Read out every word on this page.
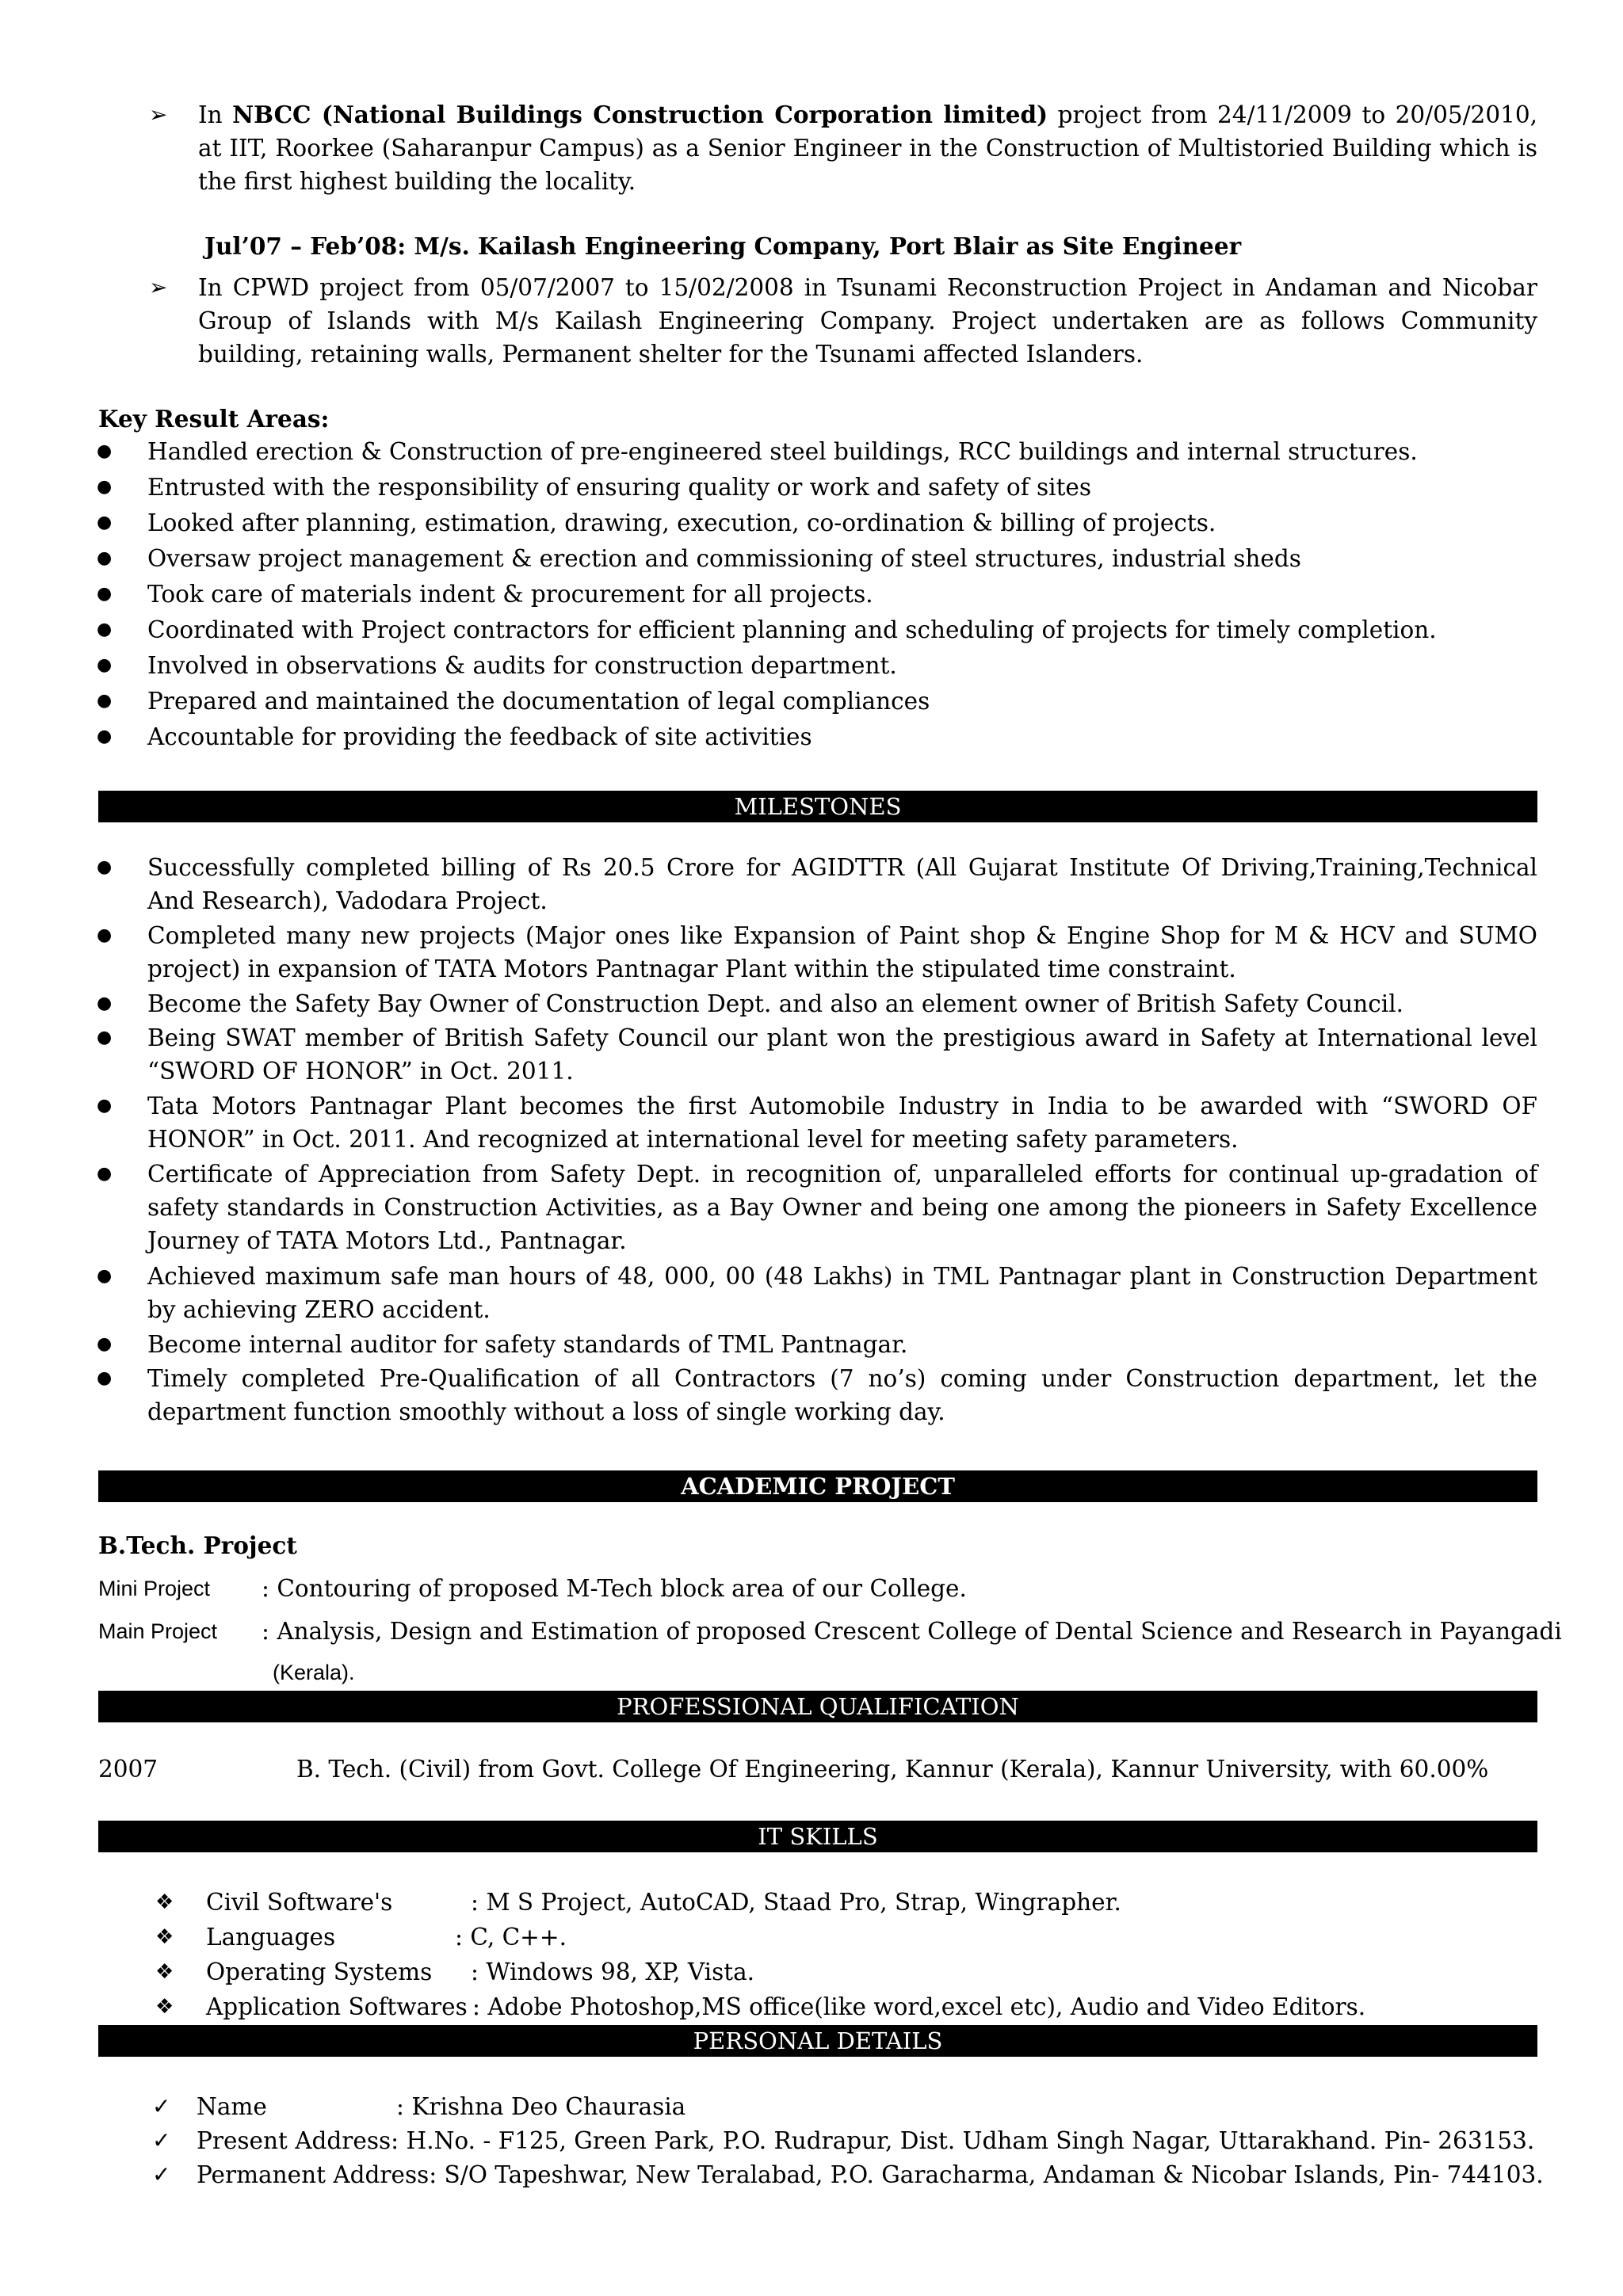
➢	In NBCC (National Buildings Construction Corporation limited) project from 24/11/2009 to 20/05/2010, at IIT, Roorkee (Saharanpur Campus) as a Senior Engineer in the Construction of Multistoried Building which is the first highest building the locality.
Jul’07 – Feb’08: M/s. Kailash Engineering Company, Port Blair as Site Engineer
➢	In CPWD project from 05/07/2007 to 15/02/2008 in Tsunami Reconstruction Project in Andaman and Nicobar Group of Islands with M/s Kailash Engineering Company. Project undertaken are as follows Community building, retaining walls, Permanent shelter for the Tsunami affected Islanders.
Key Result Areas:
● Handled erection & Construction of pre-engineered steel buildings, RCC buildings and internal structures.
● Entrusted with the responsibility of ensuring quality or work and safety of sites
● Looked after planning, estimation, drawing, execution, co-ordination & billing of projects.
● Oversaw project management & erection and commissioning of steel structures, industrial sheds
● Took care of materials indent & procurement for all projects.
● Coordinated with Project contractors for efficient planning and scheduling of projects for timely completion.
● Involved in observations & audits for construction department.
● Prepared and maintained the documentation of legal compliances
● Accountable for providing the feedback of site activities
MILESTONES
● Successfully completed billing of Rs 20.5 Crore for AGIDTTR (All Gujarat Institute Of Driving,Training,Technical And Research), Vadodara Project.
● Completed many new projects (Major ones like Expansion of Paint shop & Engine Shop for M & HCV and SUMO project) in expansion of TATA Motors Pantnagar Plant within the stipulated time constraint.
● Become the Safety Bay Owner of Construction Dept. and also an element owner of British Safety Council.
● Being SWAT member of British Safety Council our plant won the prestigious award in Safety at International level “SWORD OF HONOR” in Oct. 2011.
● Tata Motors Pantnagar Plant becomes the first Automobile Industry in India to be awarded with “SWORD OF HONOR” in Oct. 2011. And recognized at international level for meeting safety parameters.
● Certificate of Appreciation from Safety Dept. in recognition of, unparalleled efforts for continual up-gradation of safety standards in Construction Activities, as a Bay Owner and being one among the pioneers in Safety Excellence Journey of TATA Motors Ltd., Pantnagar.
● Achieved maximum safe man hours of 48, 000, 00 (48 Lakhs) in TML Pantnagar plant in Construction Department by achieving ZERO accident.
● Become internal auditor for safety standards of TML Pantnagar.
● Timely completed Pre-Qualification of all Contractors (7 no’s) coming under Construction department, let the department function smoothly without a loss of single working day.
ACADEMIC PROJECT
B.Tech. Project
Mini Project : Contouring of proposed M-Tech block area of our College.
Main Project : Analysis, Design and Estimation of proposed Crescent College of Dental Science and Research in Payangadi
(Kerala).
PROFESSIONAL QUALIFICATION
2007	B. Tech. (Civil) from Govt. College Of Engineering, Kannur (Kerala), Kannur University, with 60.00%
IT SKILLS
❖ Civil Software's	: M S Project, AutoCAD, Staad Pro, Strap, Wingrapher.
❖ Languages	: C, C++.
❖ Operating Systems : Windows 98, XP, Vista.
❖ Application Softwares : Adobe Photoshop,MS office(like word,excel etc), Audio and Video Editors.
PERSONAL DETAILS
✓ Name	: Krishna Deo Chaurasia
✓ Present Address: H.No. - F125, Green Park, P.O. Rudrapur, Dist. Udham Singh Nagar, Uttarakhand. Pin- 263153.
✓ Permanent Address: S/O Tapeshwar, New Teralabad, P.O. Garacharma, Andaman & Nicobar Islands, Pin- 744103.
